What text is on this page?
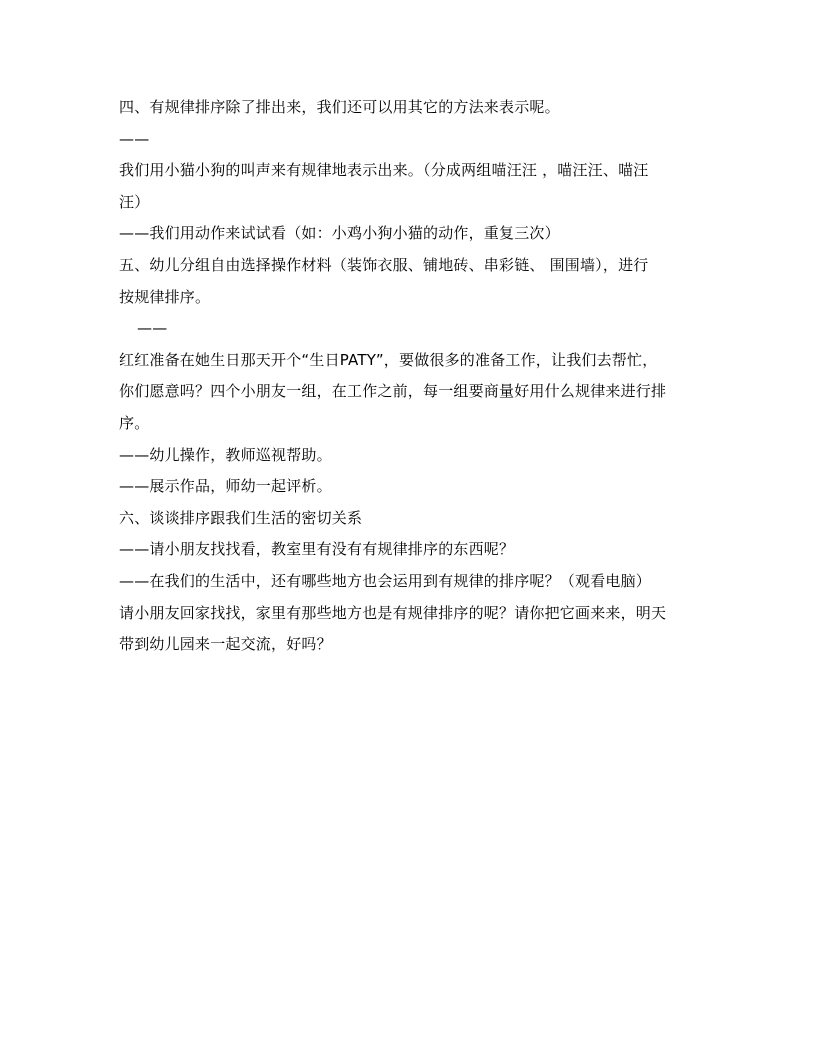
四、有规律排序除了排出来，我们还可以用其它的方法来表示呢。
——
我们用小猫小狗的叫声来有规律地表示出来。（分成两组喵汪汪 ，喵汪汪、喵汪
汪）
——我们用动作来试试看（如：小鸡小狗小猫的动作，重复三次）
五、幼儿分组自由选择操作材料（装饰衣服、铺地砖、串彩链、 围围墙），进行
按规律排序。
——
红红准备在她生日那天开个“生日PATY”，要做很多的准备工作，让我们去帮忙，
你们愿意吗？四个小朋友一组，在工作之前，每一组要商量好用什么规律来进行排
序。
——幼儿操作，教师巡视帮助。
——展示作品，师幼一起评析。
六、谈谈排序跟我们生活的密切关系
——请小朋友找找看，教室里有没有有规律排序的东西呢？
——在我们的生活中，还有哪些地方也会运用到有规律的排序呢？（观看电脑）
请小朋友回家找找，家里有那些地方也是有规律排序的呢？请你把它画来来，明天
带到幼儿园来一起交流，好吗？
